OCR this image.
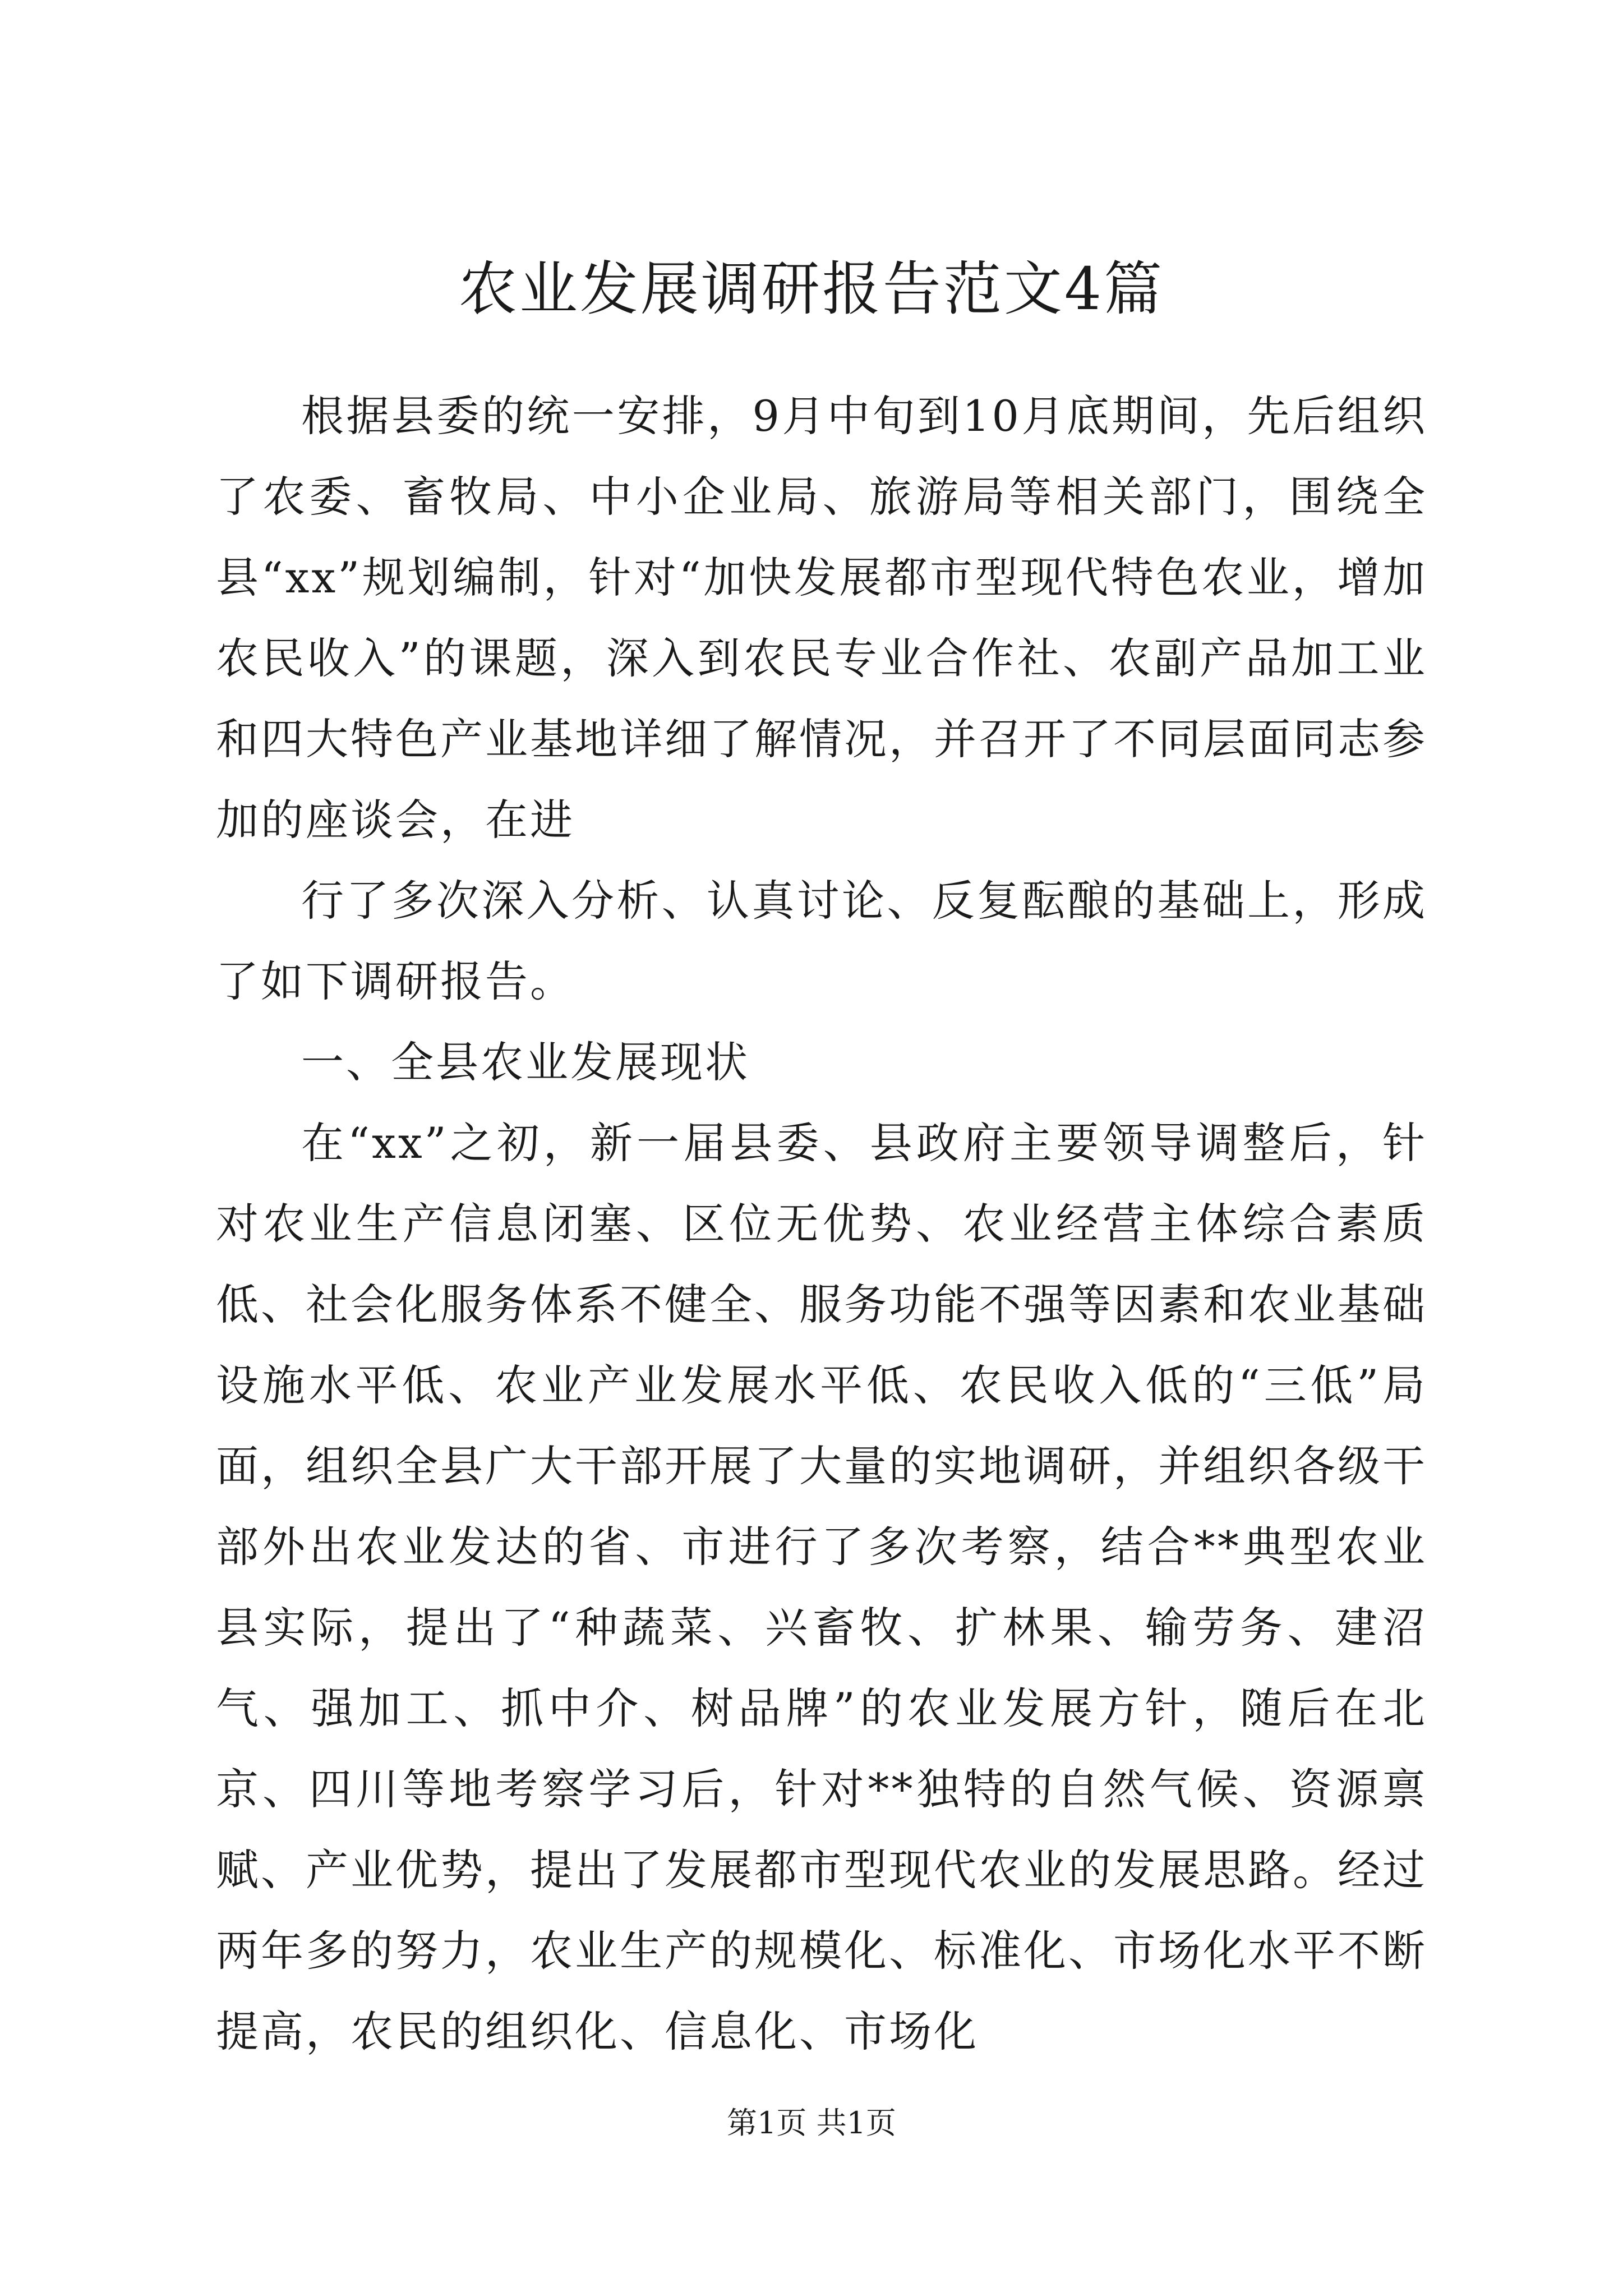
农业发展调研报告范文4篇

根据县委的统一安排，9月中旬到10月底期间，先后组织了农委、畜牧局、中小企业局、旅游局等相关部门，围绕全县“xx”规划编制，针对“加快发展都市型现代特色农业，增加农民收入”的课题，深入到农民专业合作社、农副产品加工业和四大特色产业基地详细了解情况，并召开了不同层面同志参加的座谈会，在进

行了多次深入分析、认真讨论、反复酝酿的基础上，形成了如下调研报告。

一、全县农业发展现状

在“xx”之初，新一届县委、县政府主要领导调整后，针对农业生产信息闭塞、区位无优势、农业经营主体综合素质低、社会化服务体系不健全、服务功能不强等因素和农业基础设施水平低、农业产业发展水平低、农民收入低的“三低”局面，组织全县广大干部开展了大量的实地调研，并组织各级干部外出农业发达的省、市进行了多次考察，结合**典型农业县实际，提出了“种蔬菜、兴畜牧、扩林果、输劳务、建沼气、强加工、抓中介、树品牌”的农业发展方针，随后在北京、四川等地考察学习后，针对**独特的自然气候、资源禀赋、产业优势，提出了发展都市型现代农业的发展思路。经过两年多的努力，农业生产的规模化、标准化、市场化水平不断提高，农民的组织化、信息化、市场化

第1页 共1页
